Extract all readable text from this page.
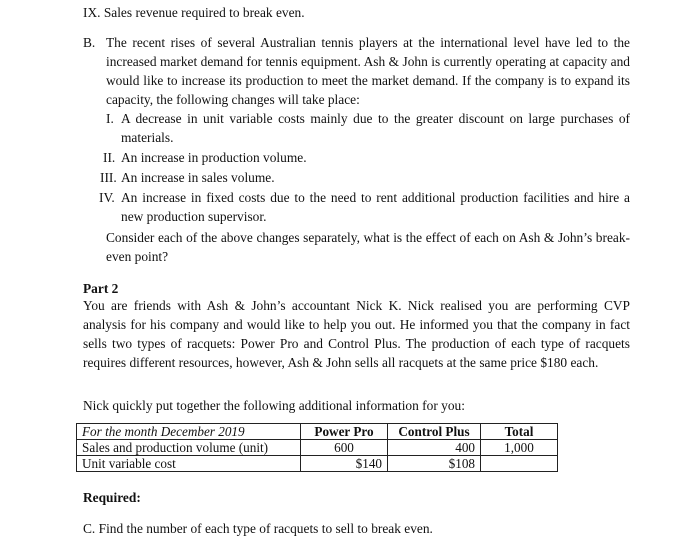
IX. Sales revenue required to break even.
B. The recent rises of several Australian tennis players at the international level have led to the increased market demand for tennis equipment. Ash & John is currently operating at capacity and would like to increase its production to meet the market demand. If the company is to expand its capacity, the following changes will take place:
I. A decrease in unit variable costs mainly due to the greater discount on large purchases of materials.
II. An increase in production volume.
III. An increase in sales volume.
IV. An increase in fixed costs due to the need to rent additional production facilities and hire a new production supervisor.
Consider each of the above changes separately, what is the effect of each on Ash & John’s break-even point?
Part 2
You are friends with Ash & John’s accountant Nick K. Nick realised you are performing CVP analysis for his company and would like to help you out. He informed you that the company in fact sells two types of racquets: Power Pro and Control Plus. The production of each type of racquets requires different resources, however, Ash & John sells all racquets at the same price $180 each.
Nick quickly put together the following additional information for you:
For the month December 2019	Power Pro	Control Plus	Total
Sales and production volume (unit)	600	400	1,000
Unit variable cost	$140	$108	
Required:
C. Find the number of each type of racquets to sell to break even.
